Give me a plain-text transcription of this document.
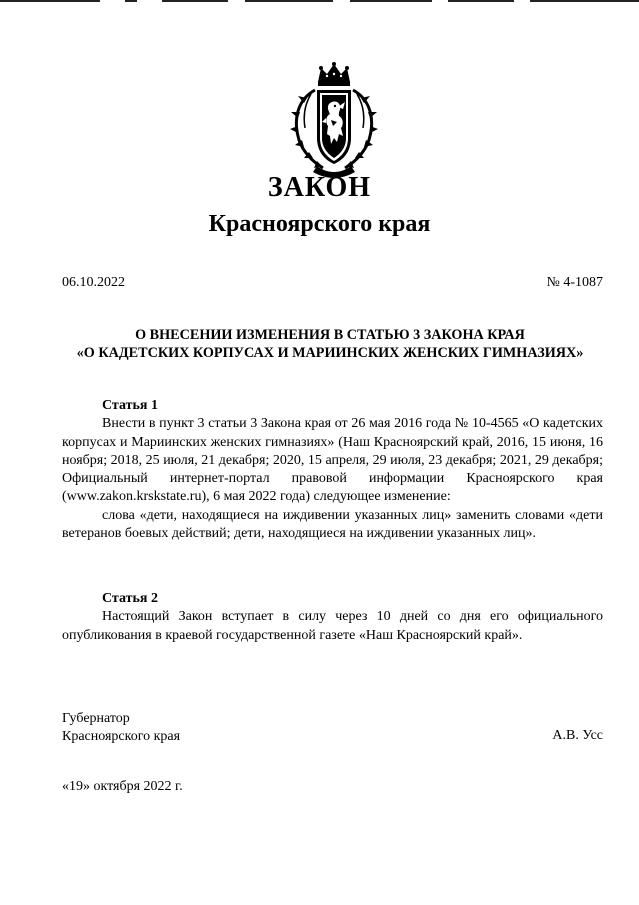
ЗАКОН
Красноярского края
06.10.2022	№ 4-1087
О ВНЕСЕНИИ ИЗМЕНЕНИЯ В СТАТЬЮ 3 ЗАКОНА КРАЯ
«О КАДЕТСКИХ КОРПУСАХ И МАРИИНСКИХ ЖЕНСКИХ ГИМНАЗИЯХ»
Статья 1

Внести в пункт 3 статьи 3 Закона края от 26 мая 2016 года № 10-4565 «О кадетских корпусах и Мариинских женских гимназиях» (Наш Красноярский край, 2016, 15 июня, 16 ноября; 2018, 25 июля, 21 декабря; 2020, 15 апреля, 29 июля, 23 декабря; 2021, 29 декабря; Официальный интернет-портал правовой информации Красноярского края (www.zakon.krskstate.ru), 6 мая 2022 года) следующее изменение:

слова «дети, находящиеся на иждивении указанных лиц» заменить словами «дети ветеранов боевых действий; дети, находящиеся на иждивении указанных лиц».

Статья 2

Настоящий Закон вступает в силу через 10 дней со дня его официального опубликования в краевой государственной газете «Наш Красноярский край».

Губернатор
Красноярского края	А.В. Усс
«19» октября 2022 г.
